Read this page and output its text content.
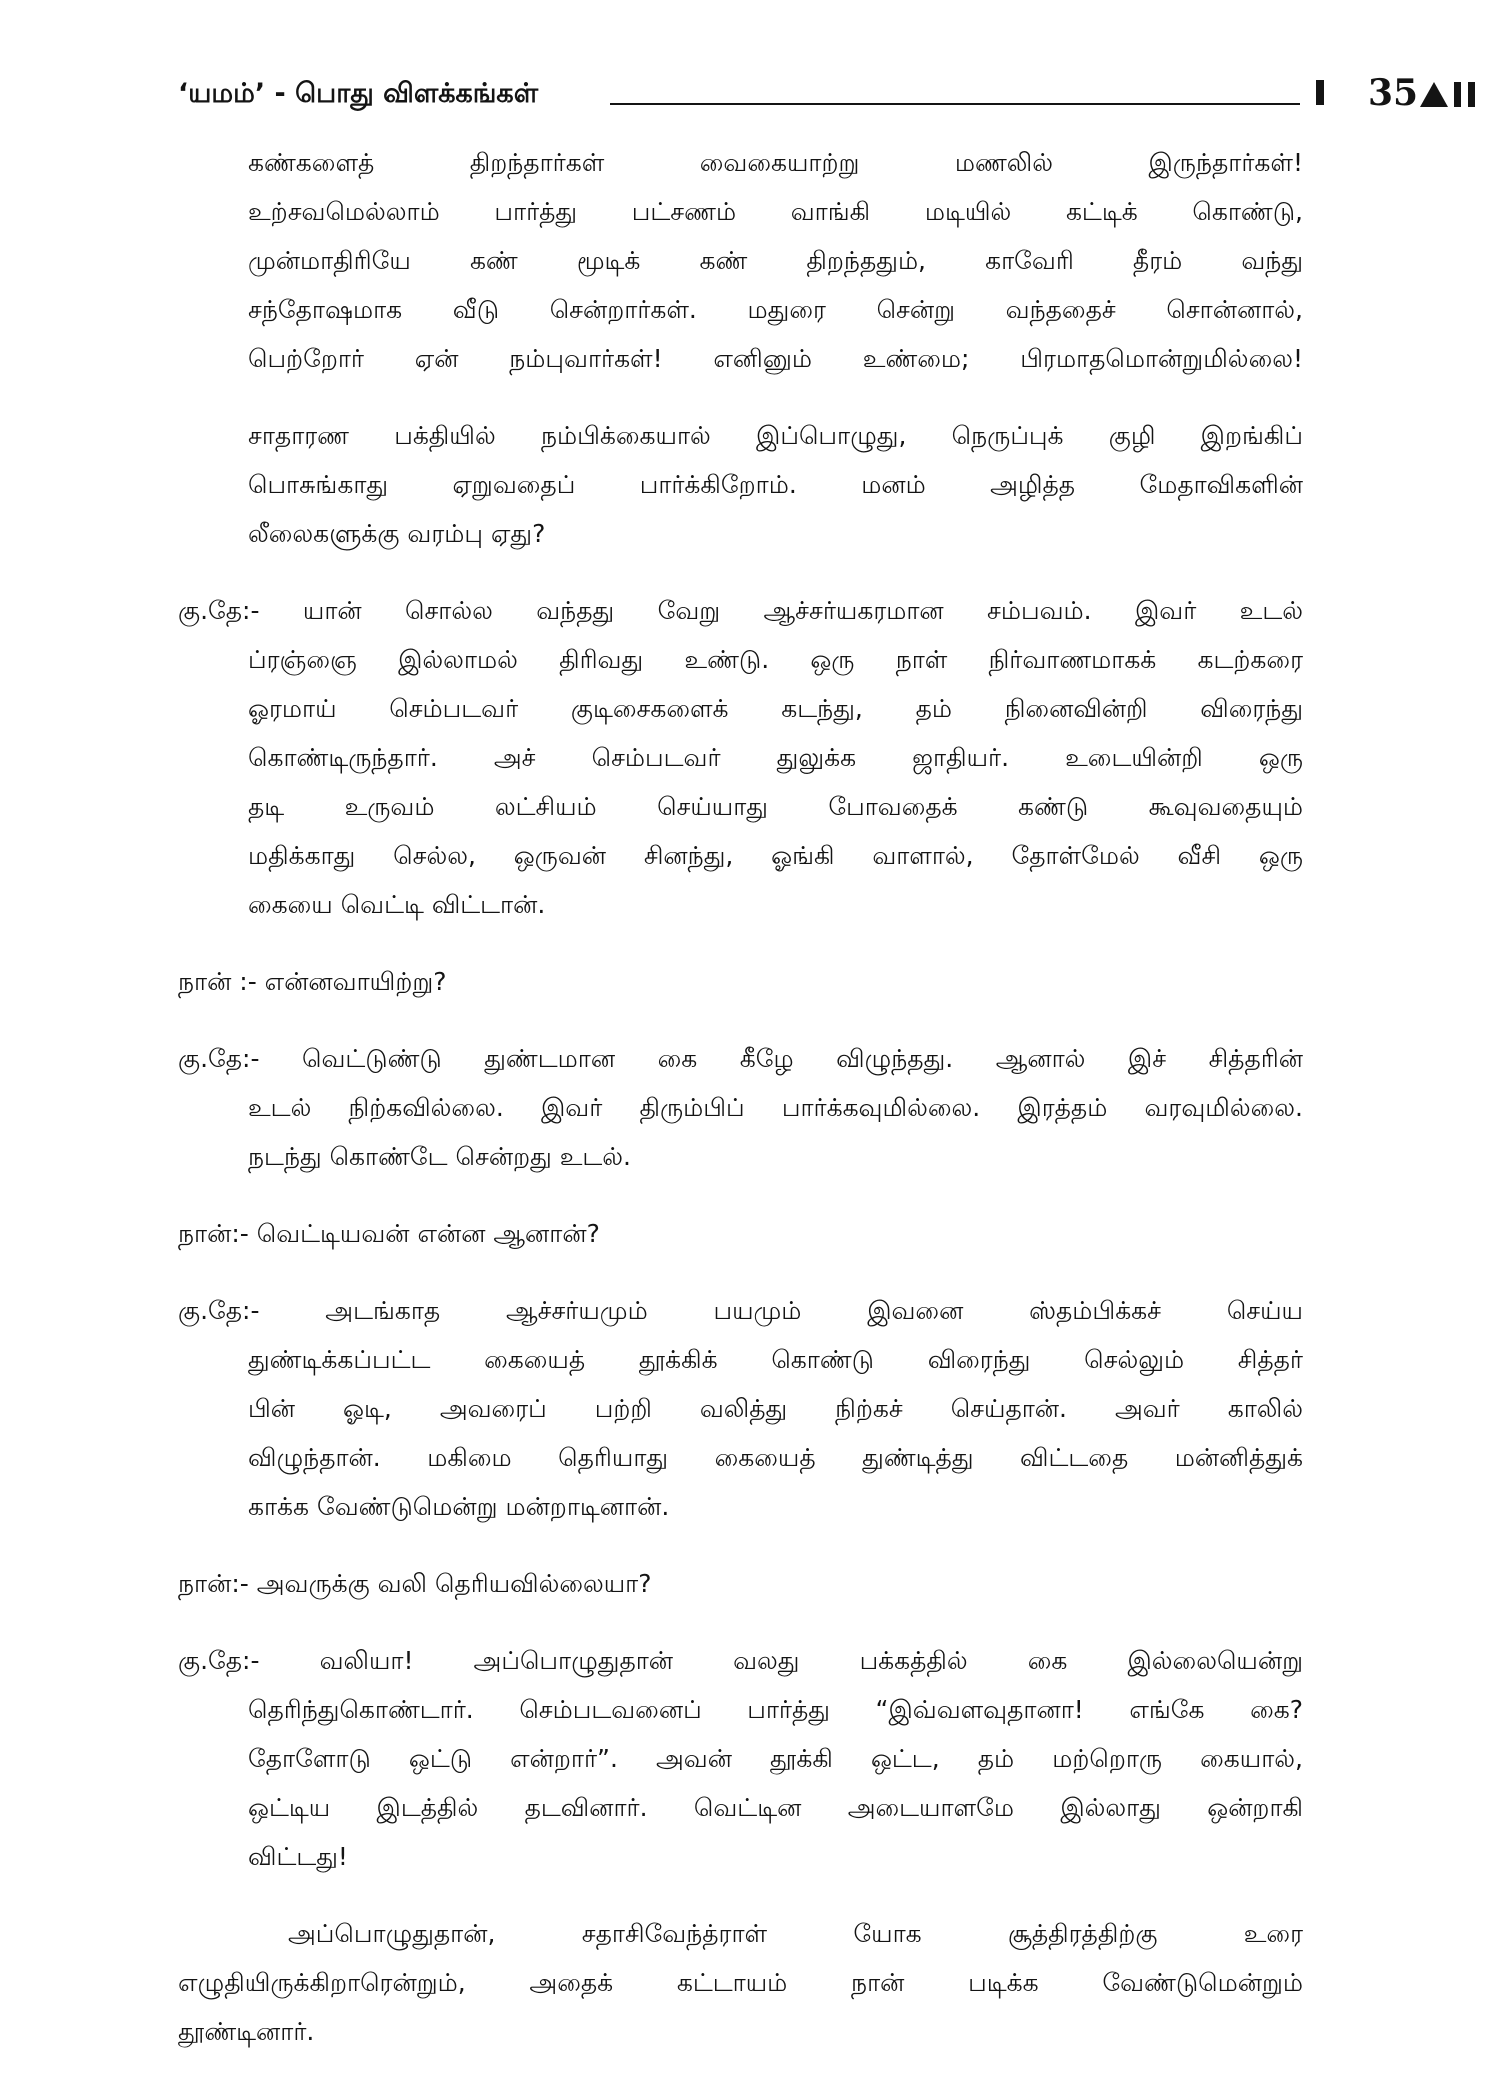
‘யமம்’ - பொது விளக்கங்கள்	35
கண்களைத் திறந்தார்கள் வைகையாற்று மணலில் இருந்தார்கள்!
உற்சவமெல்லாம் பார்த்து பட்சணம் வாங்கி மடியில் கட்டிக் கொண்டு,
முன்மாதிரியே கண் மூடிக் கண் திறந்ததும், காவேரி தீரம் வந்து
சந்தோஷமாக வீடு சென்றார்கள். மதுரை சென்று வந்ததைச் சொன்னால்,
பெற்றோர் ஏன் நம்புவார்கள்! எனினும் உண்மை; பிரமாதமொன்றுமில்லை!
சாதாரண பக்தியில் நம்பிக்கையால் இப்பொழுது, நெருப்புக் குழி இறங்கிப்
பொசுங்காது ஏறுவதைப் பார்க்கிறோம். மனம் அழித்த மேதாவிகளின்
லீலைகளுக்கு வரம்பு ஏது?
கு.தே:- யான் சொல்ல வந்தது வேறு ஆச்சர்யகரமான சம்பவம். இவர் உடல்
ப்ரஞ்ஞை இல்லாமல் திரிவது உண்டு. ஒரு நாள் நிர்வாணமாகக் கடற்கரை
ஓரமாய் செம்படவர் குடிசைகளைக் கடந்து, தம் நினைவின்றி விரைந்து
கொண்டிருந்தார். அச் செம்படவர் துலுக்க ஜாதியர். உடையின்றி ஒரு
தடி உருவம் லட்சியம் செய்யாது போவதைக் கண்டு கூவுவதையும்
மதிக்காது செல்ல, ஒருவன் சினந்து, ஓங்கி வாளால், தோள்மேல் வீசி ஒரு
கையை வெட்டி விட்டான்.
நான் :- என்னவாயிற்று?
கு.தே:- வெட்டுண்டு துண்டமான கை கீழே விழுந்தது. ஆனால் இச் சித்தரின்
உடல் நிற்கவில்லை. இவர் திரும்பிப் பார்க்கவுமில்லை. இரத்தம் வரவுமில்லை.
நடந்து கொண்டே சென்றது உடல்.
நான்:- வெட்டியவன் என்ன ஆனான்?
கு.தே:- அடங்காத ஆச்சர்யமும் பயமும் இவனை ஸ்தம்பிக்கச் செய்ய
துண்டிக்கப்பட்ட கையைத் தூக்கிக் கொண்டு விரைந்து செல்லும் சித்தர்
பின் ஓடி, அவரைப் பற்றி வலித்து நிற்கச் செய்தான். அவர் காலில்
விழுந்தான். மகிமை தெரியாது கையைத் துண்டித்து விட்டதை மன்னித்துக்
காக்க வேண்டுமென்று மன்றாடினான்.
நான்:- அவருக்கு வலி தெரியவில்லையா?
கு.தே:- வலியா! அப்பொழுதுதான் வலது பக்கத்தில் கை இல்லையென்று
தெரிந்துகொண்டார். செம்படவனைப் பார்த்து “இவ்வளவுதானா! எங்கே கை?
தோளோடு ஒட்டு என்றார்”. அவன் தூக்கி ஒட்ட, தம் மற்றொரு கையால்,
ஒட்டிய இடத்தில் தடவினார். வெட்டின அடையாளமே இல்லாது ஒன்றாகி
விட்டது!
அப்பொழுதுதான், சதாசிவேந்த்ராள் யோக சூத்திரத்திற்கு உரை
எழுதியிருக்கிறாரென்றும், அதைக் கட்டாயம் நான் படிக்க வேண்டுமென்றும்
தூண்டினார்.
